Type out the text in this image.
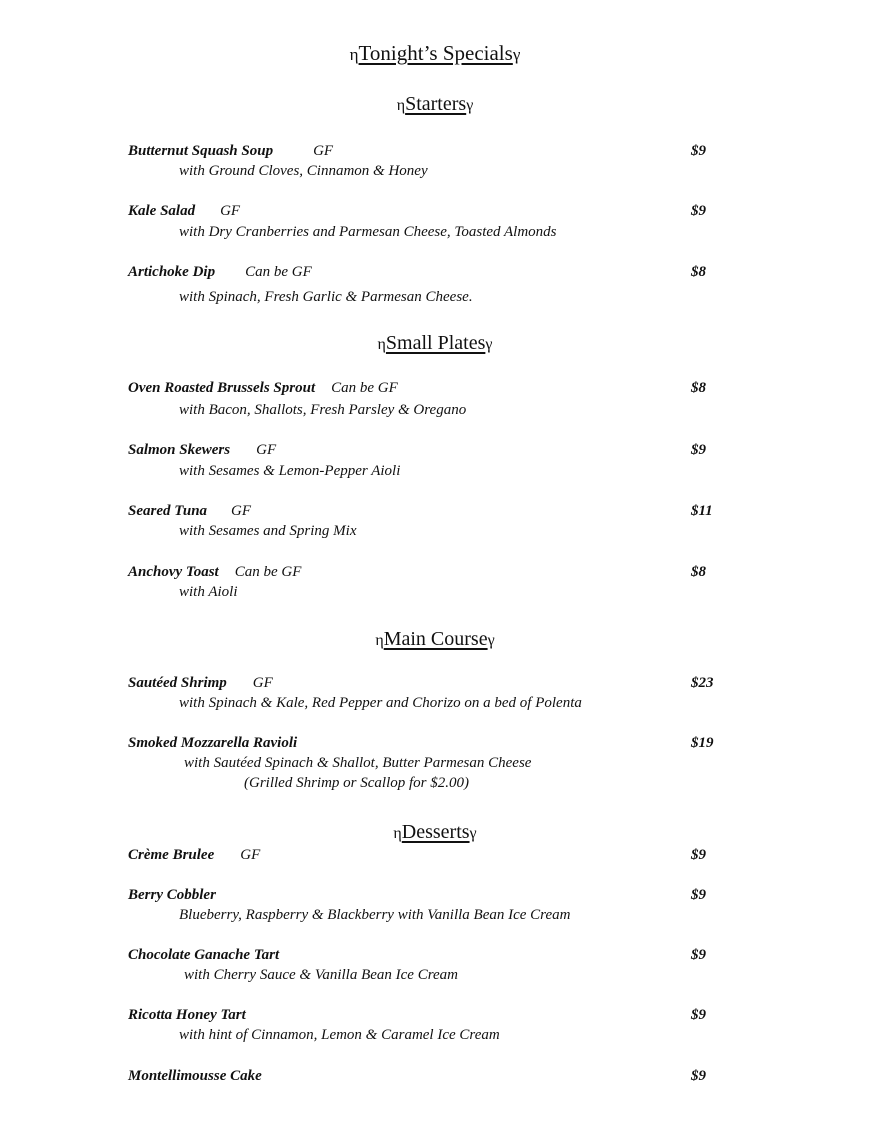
ηTonight’s Specialsγ
ηStartersγ
Butternut Squash Soup	GF	$9
with Ground Cloves, Cinnamon & Honey
Kale Salad GF	$9
with Dry Cranberries and Parmesan Cheese, Toasted Almonds
Artichoke Dip Can be GF	$8
with Spinach, Fresh Garlic & Parmesan Cheese.
ηSmall Platesγ
Oven Roasted Brussels Sprout Can be GF	$8
with Bacon, Shallots, Fresh Parsley & Oregano
Salmon Skewers GF	$9
with Sesames & Lemon-Pepper Aioli
Seared Tuna GF	$11
with Sesames and Spring Mix
Anchovy Toast Can be GF	$8
with Aioli
ηMain Courseγ
Sautéed Shrimp GF	$23
with Spinach & Kale, Red Pepper and Chorizo on a bed of Polenta
Smoked Mozzarella Ravioli	$19
with Sautéed Spinach & Shallot, Butter Parmesan Cheese
(Grilled Shrimp or Scallop for $2.00)
ηDessertsγ
Crème Brulee GF	$9
Berry Cobbler	$9
Blueberry, Raspberry & Blackberry with Vanilla Bean Ice Cream
Chocolate Ganache Tart	$9
with Cherry Sauce & Vanilla Bean Ice Cream
Ricotta Honey Tart	$9
with hint of Cinnamon, Lemon & Caramel Ice Cream
Montellimousse Cake	$9
